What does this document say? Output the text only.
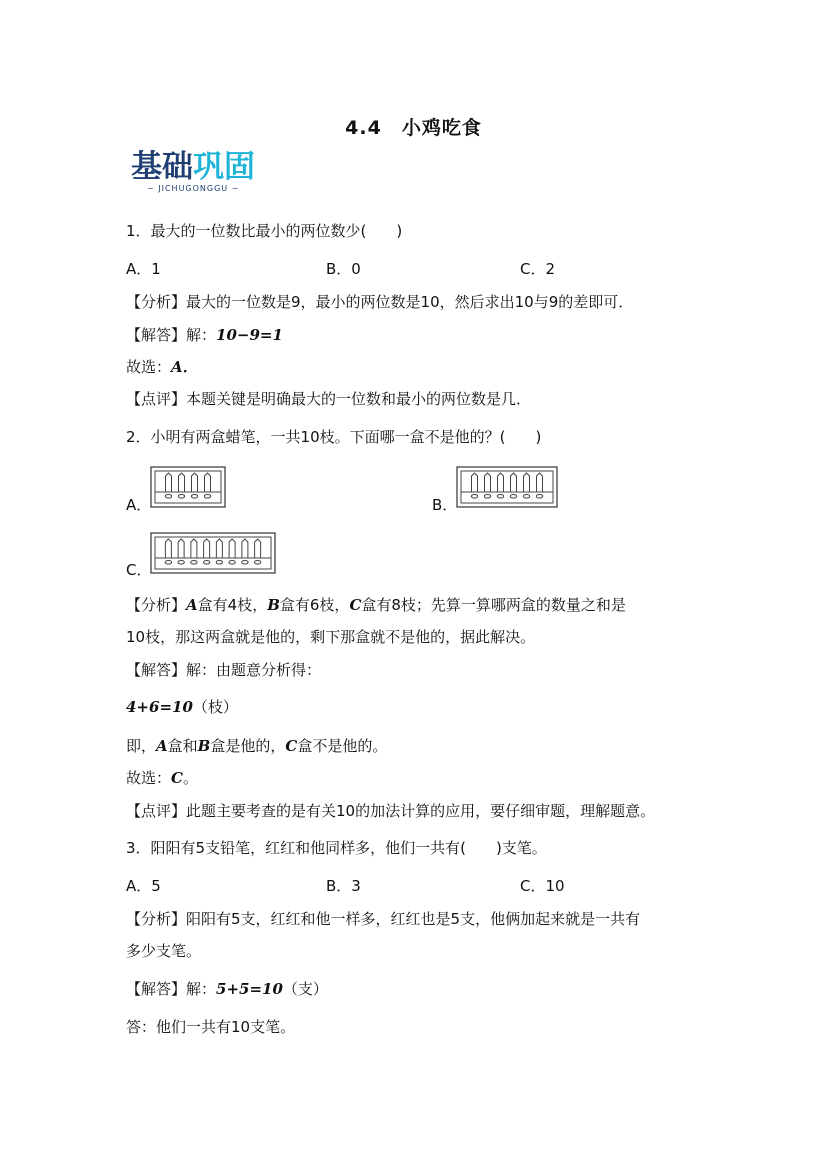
4.4　小鸡吃食
基础巩固
~ JICHUGONGGU ~
1．最大的一位数比最小的两位数少(　　)
A．1	B．0	C．2
【分析】最大的一位数是9，最小的两位数是10，然后求出10与9的差即可．
【解答】解：10−9=1
故选：A．
【点评】本题关键是明确最大的一位数和最小的两位数是几．
2．小明有两盒蜡笔，一共10枝。下面哪一盒不是他的？(　　)
A．	B．
C．
【分析】A盒有4枝，B盒有6枝，C盒有8枝；先算一算哪两盒的数量之和是
10枝，那这两盒就是他的，剩下那盒就不是他的，据此解决。
【解答】解：由题意分析得：
4+6=10（枝）
即，A盒和B盒是他的，C盒不是他的。
故选：C。
【点评】此题主要考查的是有关10的加法计算的应用，要仔细审题，理解题意。
3．阳阳有5支铅笔，红红和他同样多，他们一共有(　　)支笔。
A．5	B．3	C．10
【分析】阳阳有5支，红红和他一样多，红红也是5支，他俩加起来就是一共有
多少支笔。
【解答】解：5+5=10（支）
答：他们一共有10支笔。
